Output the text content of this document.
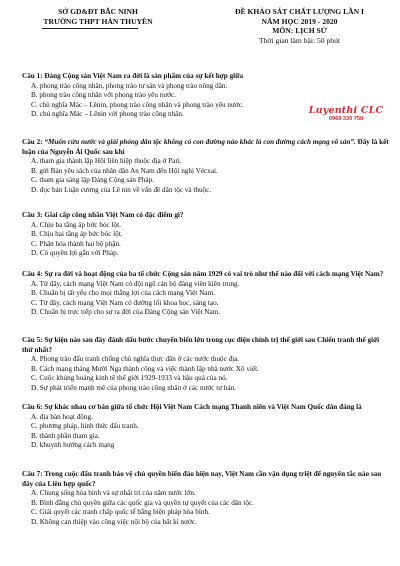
SỞ GD&ĐT BẮC NINH
TRƯỜNG THPT HÀN THUYÊN
ĐỀ KHẢO SÁT CHẤT LƯỢNG LẦN I
NĂM HỌC 2019 - 2020
MÔN: LỊCH SỬ
Thời gian làm bài: 50 phút
Luyenthi CLC
0969 330 758
Câu 1: Đảng Cộng sản Việt Nam ra đời là sản phẩm của sự kết hợp giữa
A. phong trào công nhân, phong trào tư sản và phong trào nông dân.
B. phong trào công nhân với phong trào yêu nước.
C. chủ nghĩa Mác – Lênin, phong trào công nhân và phong trào yêu nước.
D. chủ nghĩa Mác – Lênin với phong trào công nhân.
Câu 2: “Muốn cứu nước và giải phóng dân tộc không có con đường nào khác là con đường cách mạng vô sản”. Đây là kết luận của Nguyễn Ái Quốc sau khi
A. tham gia thành lập Hội liên hiệp thuộc địa ở Pari.
B. gửi Bản yêu sách của nhân dân An Nam đến Hội nghị Vécxai.
C. tham gia sáng lập Đảng Cộng sản Pháp.
D. đọc bản Luận cương của Lê nin về vấn đề dân tộc và thuộc.
Câu 3: Giai cấp công nhân Việt Nam có đặc điểm gì?
A. Chịu ba tầng áp bức bóc lột.
B. Chịu hai tầng áp bức bóc lột.
C. Phân hóa thành hai bộ phận.
D. Có quyền lợi gắn với Pháp.
Câu 4: Sự ra đời và hoạt động của ba tổ chức Cộng sản năm 1929 có vai trò như thế nào đối với cách mạng Việt Nam?
A. Từ đây, cách mạng Việt Nam có đội ngũ cán bộ đảng viên kiên trung.
B. Chuẩn bị tất yếu cho mọi thắng lợi của cách mạng Việt Nam.
C. Từ đây, cách mạng Việt Nam có đường lối khoa học, sáng tạo.
D. Chuẩn bị trực tiếp cho sự ra đời của Đảng Cộng sản Việt Nam.
Câu 5: Sự kiện nào sau đây đánh dấu bước chuyển biến lớn trong cục diện chính trị thế giới sau Chiến tranh thế giới thứ nhất?
A. Phong trào đấu tranh chống chủ nghĩa thực dân ở các nước thuộc địa.
B. Cách mạng tháng Mười Nga thành công và việc thành lập nhà nước Xô viết.
C. Cuộc khủng hoảng kinh tế thế giới 1929-1933 và hậu quả của nó.
D. Sự phát triển mạnh mẽ của phong trào công nhân ở các nước tư bản.
Câu 6: Sự khác nhau cơ bản giữa tổ chức Hội Việt Nam Cách mạng Thanh niên và Việt Nam Quốc dân đảng là
A. địa bàn hoạt động.
C. phương pháp, hình thức đấu tranh.
B. thành phần tham gia.
D. khuynh hướng cách mạng
Câu 7: Trong cuộc đấu tranh bảo vệ chủ quyền biển đảo hiện nay, Việt Nam cần vận dụng triệt để nguyên tắc nào sau đây của Liên hợp quốc?
A. Chung sống hòa bình và sự nhất trí của năm nước lớn.
B. Bình đẳng chủ quyền giữa các quốc gia và quyền tự quyết của các dân tộc.
C. Giải quyết các tranh chấp quốc tế bằng biện pháp hòa bình.
D. Không can thiệp vào công việc nội bộ của bất kì nước.
